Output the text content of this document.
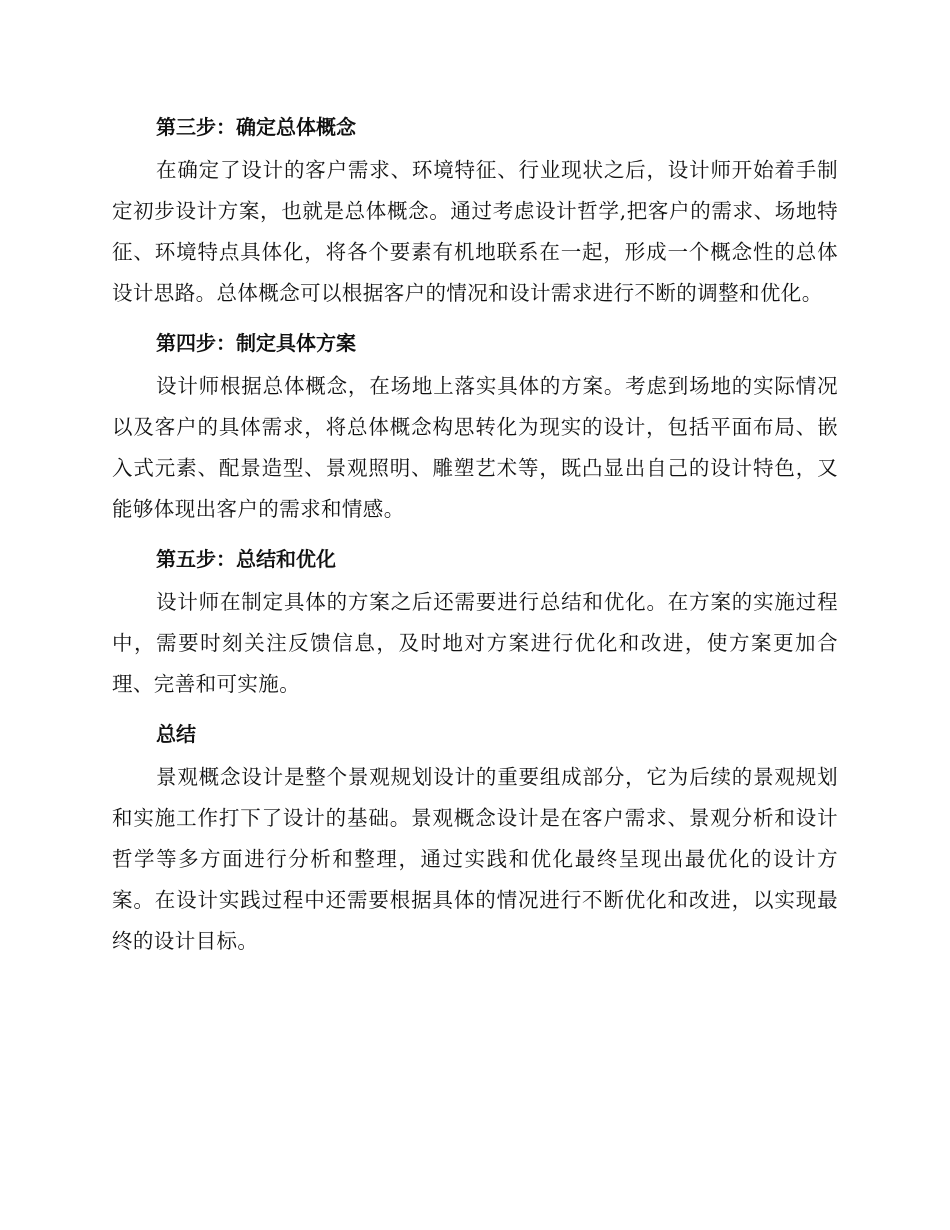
第三步：确定总体概念

在确定了设计的客户需求、环境特征、行业现状之后，设计师开始着手制定初步设计方案，也就是总体概念。通过考虑设计哲学,把客户的需求、场地特征、环境特点具体化，将各个要素有机地联系在一起，形成一个概念性的总体设计思路。总体概念可以根据客户的情况和设计需求进行不断的调整和优化。

第四步：制定具体方案

设计师根据总体概念，在场地上落实具体的方案。考虑到场地的实际情况以及客户的具体需求，将总体概念构思转化为现实的设计，包括平面布局、嵌入式元素、配景造型、景观照明、雕塑艺术等，既凸显出自己的设计特色，又能够体现出客户的需求和情感。

第五步：总结和优化

设计师在制定具体的方案之后还需要进行总结和优化。在方案的实施过程中，需要时刻关注反馈信息，及时地对方案进行优化和改进，使方案更加合理、完善和可实施。

总结

景观概念设计是整个景观规划设计的重要组成部分，它为后续的景观规划和实施工作打下了设计的基础。景观概念设计是在客户需求、景观分析和设计哲学等多方面进行分析和整理，通过实践和优化最终呈现出最优化的设计方案。在设计实践过程中还需要根据具体的情况进行不断优化和改进，以实现最终的设计目标。
